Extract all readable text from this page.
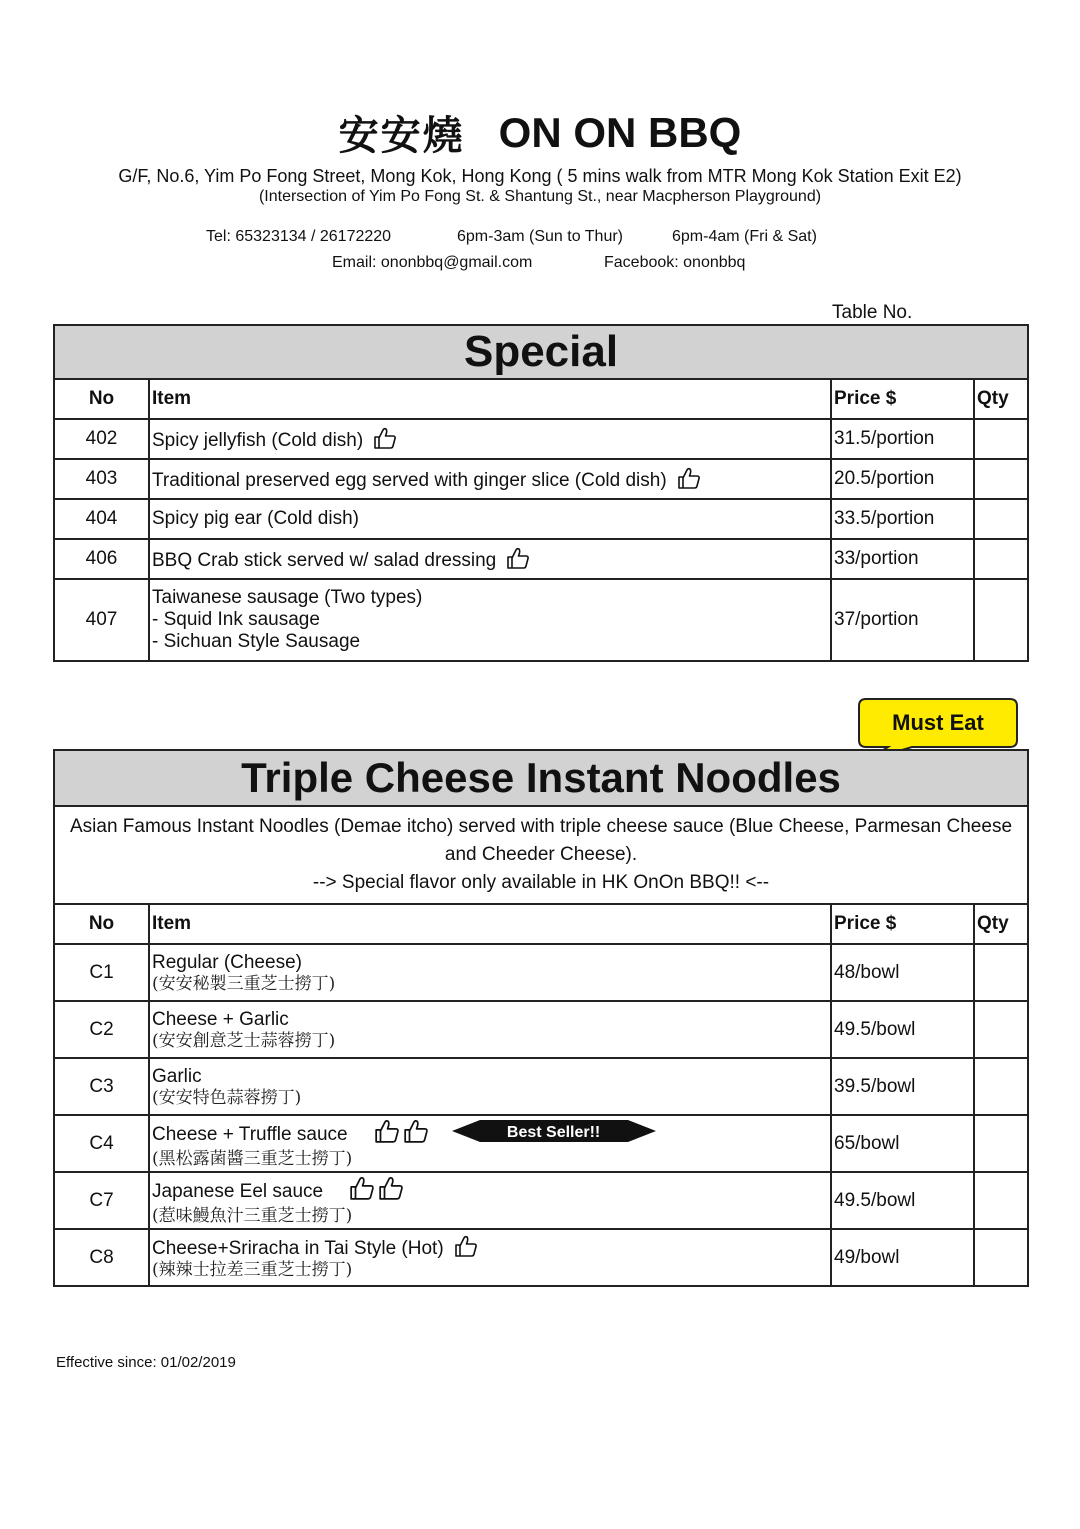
安安燒 ON ON BBQ
G/F, No.6, Yim Po Fong Street, Mong Kok, Hong Kong ( 5 mins walk from MTR Mong Kok Station Exit E2)
(Intersection of Yim Po Fong St. & Shantung St., near Macpherson Playground)
Tel: 65323134 / 26172220	6pm-3am (Sun to Thur)	6pm-4am (Fri & Sat)
Email: ononbbq@gmail.com	Facebook: ononbbq
Table No.
Special			
No	Item	Price $	Qty
402	Spicy jellyfish (Cold dish)	31.5/portion	
403	Traditional preserved egg served with ginger slice (Cold dish)	20.5/portion	
404	Spicy pig ear (Cold dish)	33.5/portion	
406	BBQ Crab stick served w/ salad dressing	33/portion	
407	Taiwanese sausage (Two types)
- Squid Ink sausage
- Sichuan Style Sausage	37/portion	
Must Eat
Triple Cheese Instant Noodles			

Asian Famous Instant Noodles (Demae itcho) served with triple cheese sauce (Blue Cheese, Parmesan Cheese and Cheeder Cheese).
--> Special flavor only available in HK OnOn BBQ!! <--			

No	Item	Price $	Qty
C1	Regular (Cheese)
(安安秘製三重芝士撈丁)	48/bowl	
C2	Cheese + Garlic
(安安創意芝士蒜蓉撈丁)	49.5/bowl	
C3	Garlic
(安安特色蒜蓉撈丁)	39.5/bowl	
C4	Cheese + Truffle sauce Best Seller!!
(黑松露菌醬三重芝士撈丁)	65/bowl	
C7	Japanese Eel sauce
(惹味鰻魚汁三重芝士撈丁)	49.5/bowl	
C8	Cheese+Sriracha in Tai Style (Hot)
(辣辣士拉差三重芝士撈丁)	49/bowl	
Effective since: 01/02/2019
